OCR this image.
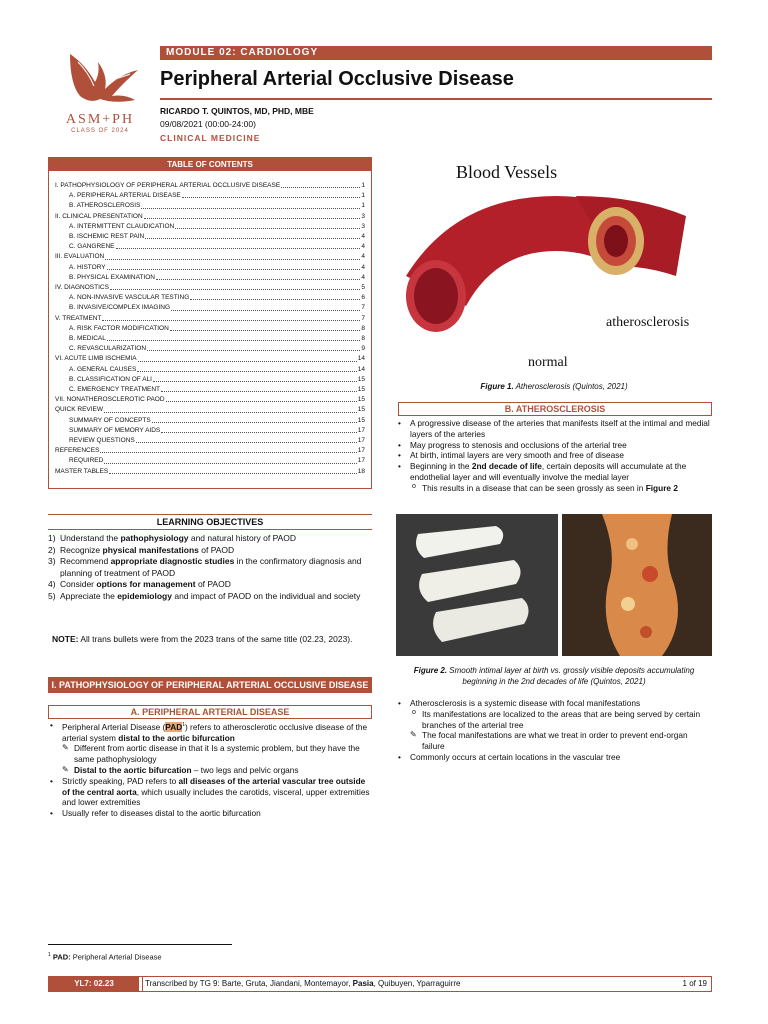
ASM+PH
CLASS OF 2024
MODULE 02: CARDIOLOGY
Peripheral Arterial Occlusive Disease
RICARDO T. QUINTOS, MD, PHD, MBE
09/08/2021 (00:00-24:00)
CLINICAL MEDICINE
TABLE OF CONTENTS
I. PATHOPHYSIOLOGY OF PERIPHERAL ARTERIAL OCCLUSIVE DISEASE	1
A. PERIPHERAL ARTERIAL DISEASE	1
B. ATHEROSCLEROSIS	1
II. CLINICAL PRESENTATION	3
A. INTERMITTENT CLAUDICATION	3
B. ISCHEMIC REST PAIN	4
C. GANGRENE	4
III. EVALUATION	4
A. HISTORY	4
B. PHYSICAL EXAMINATION	4
IV. DIAGNOSTICS	5
A. NON-INVASIVE VASCULAR TESTING	6
B. INVASIVE/COMPLEX IMAGING	7
V. TREATMENT	7
A. RISK FACTOR MODIFICATION	8
B. MEDICAL	8
C. REVASCULARIZATION	9
VI. ACUTE LIMB ISCHEMIA	14
A. GENERAL CAUSES	14
B. CLASSIFICATION OF ALI	15
C. EMERGENCY TREATMENT	15
VII. NONATHEROSCLEROTIC PAOD	15
QUICK REVIEW	15
SUMMARY OF CONCEPTS	15
SUMMARY OF MEMORY AIDS	17
REVIEW QUESTIONS	17
REFERENCES	17
REQUIRED	17
MASTER TABLES	18
LEARNING OBJECTIVES
1) Understand the pathophysiology and natural history of PAOD
2) Recognize physical manifestations of PAOD
3) Recommend appropriate diagnostic studies in the confirmatory diagnosis and planning of treatment of PAOD
4) Consider options for management of PAOD
5) Appreciate the epidemiology and impact of PAOD on the individual and society
NOTE: All trans bullets were from the 2023 trans of the same title (02.23, 2023).
I. PATHOPHYSIOLOGY OF PERIPHERAL ARTERIAL OCCLUSIVE DISEASE
A. PERIPHERAL ARTERIAL DISEASE
• Peripheral Arterial Disease (PAD$^1$) refers to atherosclerotic occlusive disease of the arterial system distal to the aortic bifurcation
✎ Different from aortic disease in that it Is a systemic problem, but they have the same pathophysiology
✎ Distal to the aortic bifurcation – two legs and pelvic organs
• Strictly speaking, PAD refers to all diseases of the arterial vascular tree outside of the central aorta, which usually includes the carotids, visceral, upper extremities and lower extremities
• Usually refer to diseases distal to the aortic bifurcation
Blood Vessels
atherosclerosis
normal
Figure 1. Atherosclerosis (Quintos, 2021)
B. ATHEROSCLEROSIS
• A progressive disease of the arteries that manifests itself at the intimal and medial layers of the arteries
• May progress to stenosis and occlusions of the arterial tree
• At birth, intimal layers are very smooth and free of disease
• Beginning in the 2nd decade of life, certain deposits will accumulate at the endothelial layer and will eventually involve the medial layer
o This results in a disease that can be seen grossly as seen in Figure 2
Figure 2. Smooth intimal layer at birth vs. grossly visible deposits accumulating beginning in the 2nd decades of life (Quintos, 2021)
• Atherosclerosis is a systemic disease with focal manifestations
o Its manifestations are localized to the areas that are being served by certain branches of the arterial tree
✎ The focal manifestations are what we treat in order to prevent end-organ failure
• Commonly occurs at certain locations in the vascular tree
$^1$ PAD: Peripheral Arterial Disease
YL7: 02.23	Transcribed by TG 9: Barte, Gruta, Jiandani, Montemayor, Pasia, Quibuyen, Yparraguirre	1 of 19
